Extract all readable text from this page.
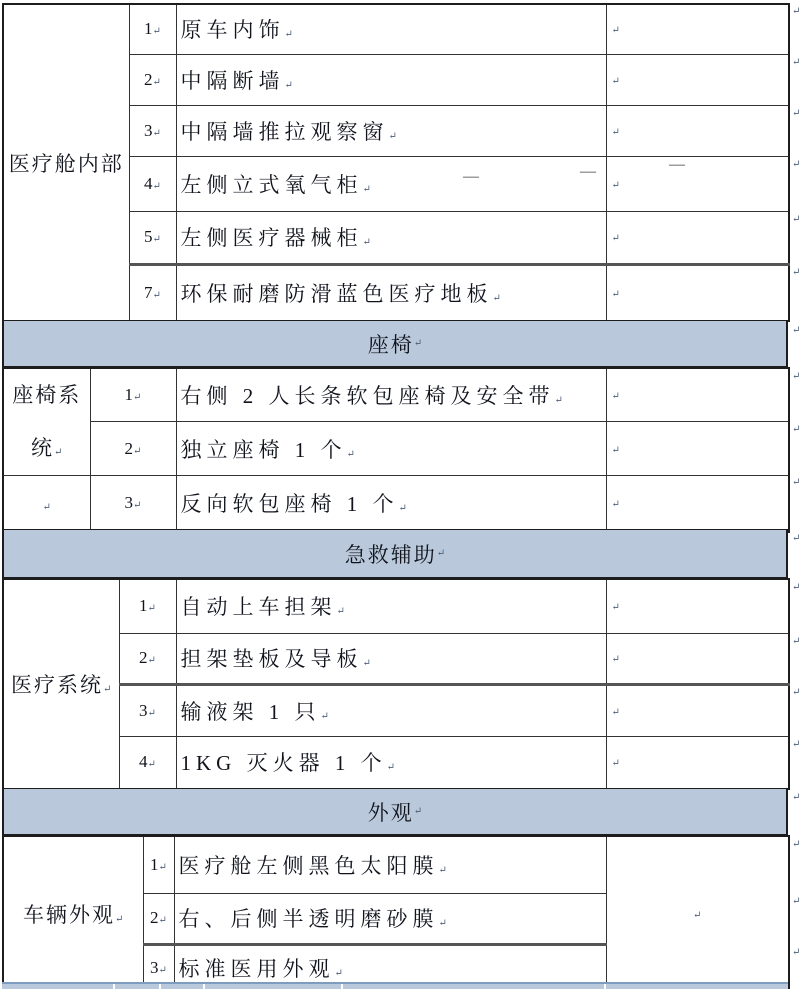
医疗舱内部	1↵	原车内饰↵	↵
	2↵	中隔断墙↵	↵
	3↵	中隔墙推拉观察窗↵	↵
	4↵	左侧立式氧气柜↵	↵
	5↵	左侧医疗器械柜↵	↵
	7↵	环保耐磨防滑蓝色医疗地板↵	↵
—	—	—
座椅 ↵
座椅系
统↵	1↵	右侧 2 人长条软包座椅及安全带↵	↵
	2↵	独立座椅 1 个↵	↵
↵	3↵	反向软包座椅 1 个↵	↵
急救辅助 ↵
医疗系统↵	1↵	自动上车担架↵	↵
	2↵	担架垫板及导板↵	↵
	3↵	输液架 1 只↵	↵
	4↵	1KG 灭火器 1 个↵	↵
外观 ↵
车辆外观↵	1↵	医疗舱左侧黑色太阳膜↵	↵
	2↵	右、后侧半透明磨砂膜↵	
	3↵	标准医用外观↵	
↵
↵
↵
↵
↵
↵
↵
↵
↵
↵
↵
↵
↵
↵
↵
↵
↵
↵
↵
